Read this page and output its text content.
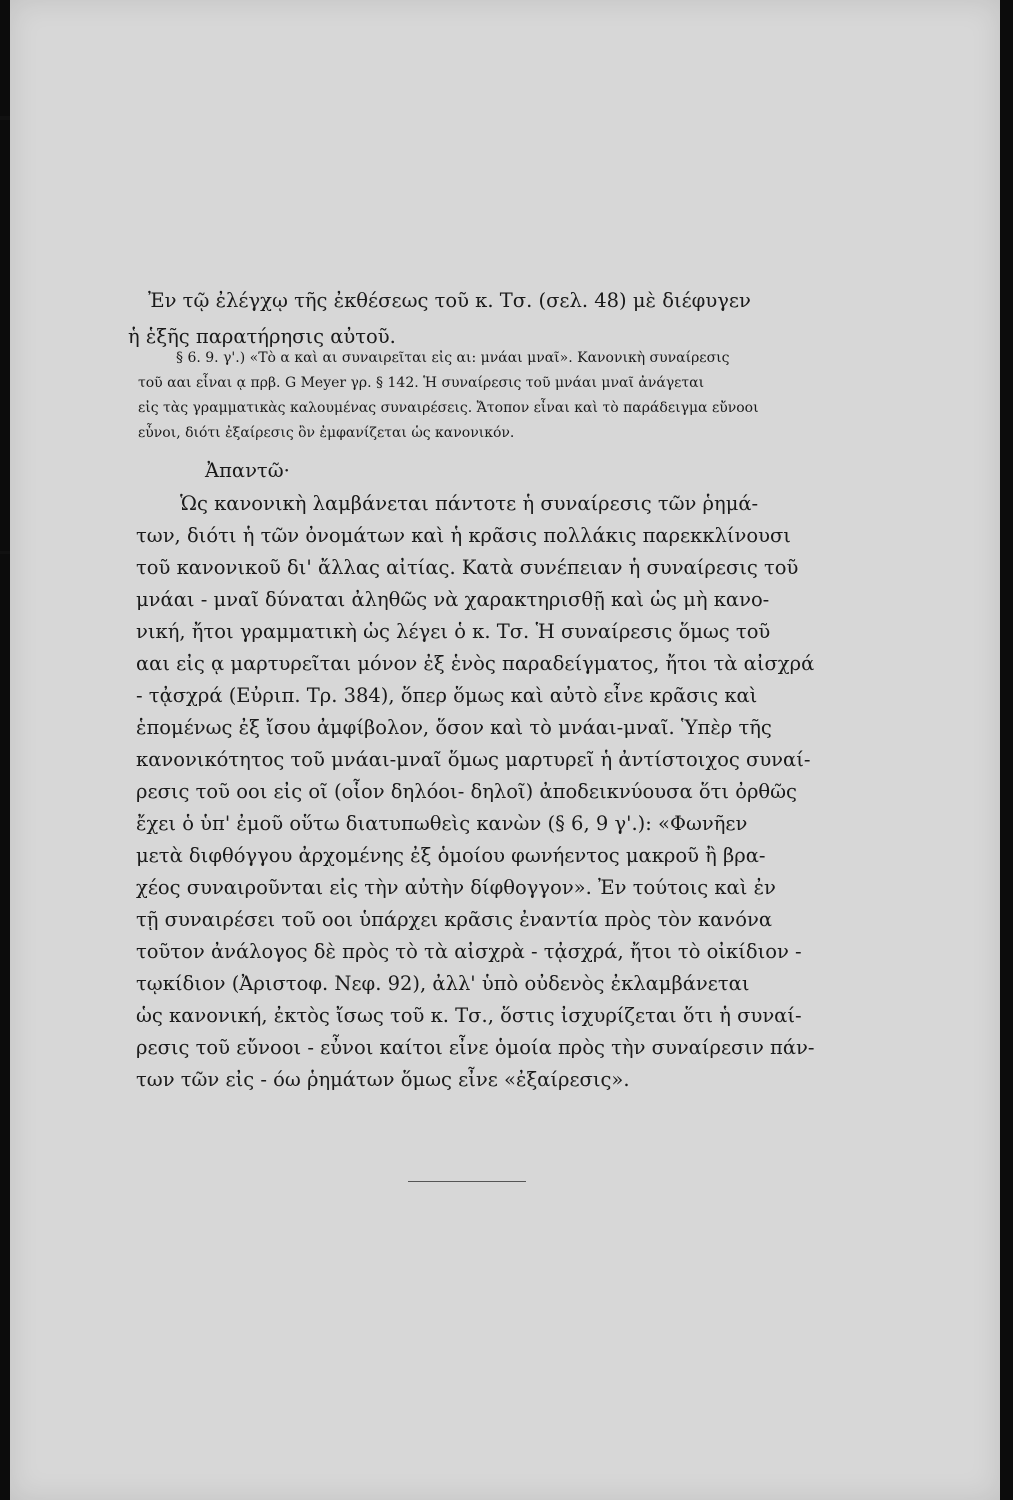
Ἐν τῷ ἐλέγχῳ τῆς ἐκθέσεως τοῦ κ. Τσ. (σελ. 48) μὲ διέφυγεν
ἡ ἑξῆς παρατήρησις αὐτοῦ.
§ 6. 9. γ'.) «Τὸ α καὶ αι συναιρεῖται εἰς αι: μνάαι μναῖ». Κανονικὴ συναίρεσις
τοῦ ααι εἶναι ᾳ πρβ. G Meyer γρ. § 142. Ἡ συναίρεσις τοῦ μνάαι μναῖ ἀνάγεται
εἰς τὰς γραμματικὰς καλουμένας συναιρέσεις. Ἄτοπον εἶναι καὶ τὸ παράδειγμα εὔνοοι
εὖνοι, διότι ἐξαίρεσις ὂν ἐμφανίζεται ὡς κανονικόν.
Ἀπαντῶ·
Ὡς κανονικὴ λαμβάνεται πάντοτε ἡ συναίρεσις τῶν ῥημά-
των, διότι ἡ τῶν ὀνομάτων καὶ ἡ κρᾶσις πολλάκις παρεκκλίνουσι
τοῦ κανονικοῦ δι' ἄλλας αἰτίας. Κατὰ συνέπειαν ἡ συναίρεσις τοῦ
μνάαι - μναῖ δύναται ἀληθῶς νὰ χαρακτηρισθῇ καὶ ὡς μὴ κανο-
νική, ἤτοι γραμματικὴ ὡς λέγει ὁ κ. Τσ. Ἡ συναίρεσις ὅμως τοῦ
ααι εἰς ᾳ μαρτυρεῖται μόνον ἐξ ἑνὸς παραδείγματος, ἤτοι τὰ αἰσχρά
- τᾀσχρά (Εὐριπ. Τρ. 384), ὅπερ ὅμως καὶ αὐτὸ εἶνε κρᾶσις καὶ
ἑπομένως ἐξ ἴσου ἀμφίβολον, ὅσον καὶ τὸ μνάαι-μναῖ. Ὑπὲρ τῆς
κανονικότητος τοῦ μνάαι-μναῖ ὅμως μαρτυρεῖ ἡ ἀντίστοιχος συναί-
ρεσις τοῦ οοι εἰς οῖ (οἷον δηλόοι- δηλοῖ) ἀποδεικνύουσα ὅτι ὀρθῶς
ἔχει ὁ ὑπ' ἐμοῦ οὕτω διατυπωθεὶς κανὼν (§ 6, 9 γ'.): «Φωνῆεν
μετὰ διφθόγγου ἀρχομένης ἐξ ὁμοίου φωνήεντος μακροῦ ἢ βρα-
χέος συναιροῦνται εἰς τὴν αὐτὴν δίφθογγον». Ἐν τούτοις καὶ ἐν
τῇ συναιρέσει τοῦ οοι ὑπάρχει κρᾶσις ἐναντία πρὸς τὸν κανόνα
τοῦτον ἀνάλογος δὲ πρὸς τὸ τὰ αἰσχρὰ - τᾀσχρά, ἤτοι τὸ οἰκίδιον -
τῳκίδιον (Ἀριστοφ. Νεφ. 92), ἀλλ' ὑπὸ οὐδενὸς ἐκλαμβάνεται
ὡς κανονική, ἐκτὸς ἴσως τοῦ κ. Τσ., ὅστις ἰσχυρίζεται ὅτι ἡ συναί-
ρεσις τοῦ εὔνοοι - εὖνοι καίτοι εἶνε ὁμοία πρὸς τὴν συναίρεσιν πάν-
των τῶν εἰς - όω ῥημάτων ὅμως εἶνε «ἐξαίρεσις».
